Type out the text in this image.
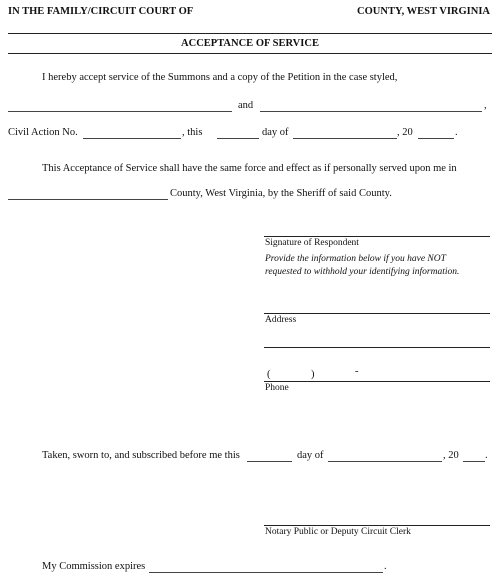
IN THE FAMILY/CIRCUIT COURT OF	COUNTY, WEST VIRGINIA
ACCEPTANCE OF SERVICE
I hereby accept service of the Summons and a copy of the Petition in the case styled,
and	,
Civil Action No.	, this	day of	, 20	.
This Acceptance of Service shall have the same force and effect as if personally served upon me in
County, West Virginia, by the Sheriff of said County.
Signature of Respondent
Provide the information below if you have NOT
requested to withhold your identifying information.
Address
(	)	-
Phone
Taken, sworn to, and subscribed before me this	day of	, 20	.
Notary Public or Deputy Circuit Clerk
My Commission expires	.
